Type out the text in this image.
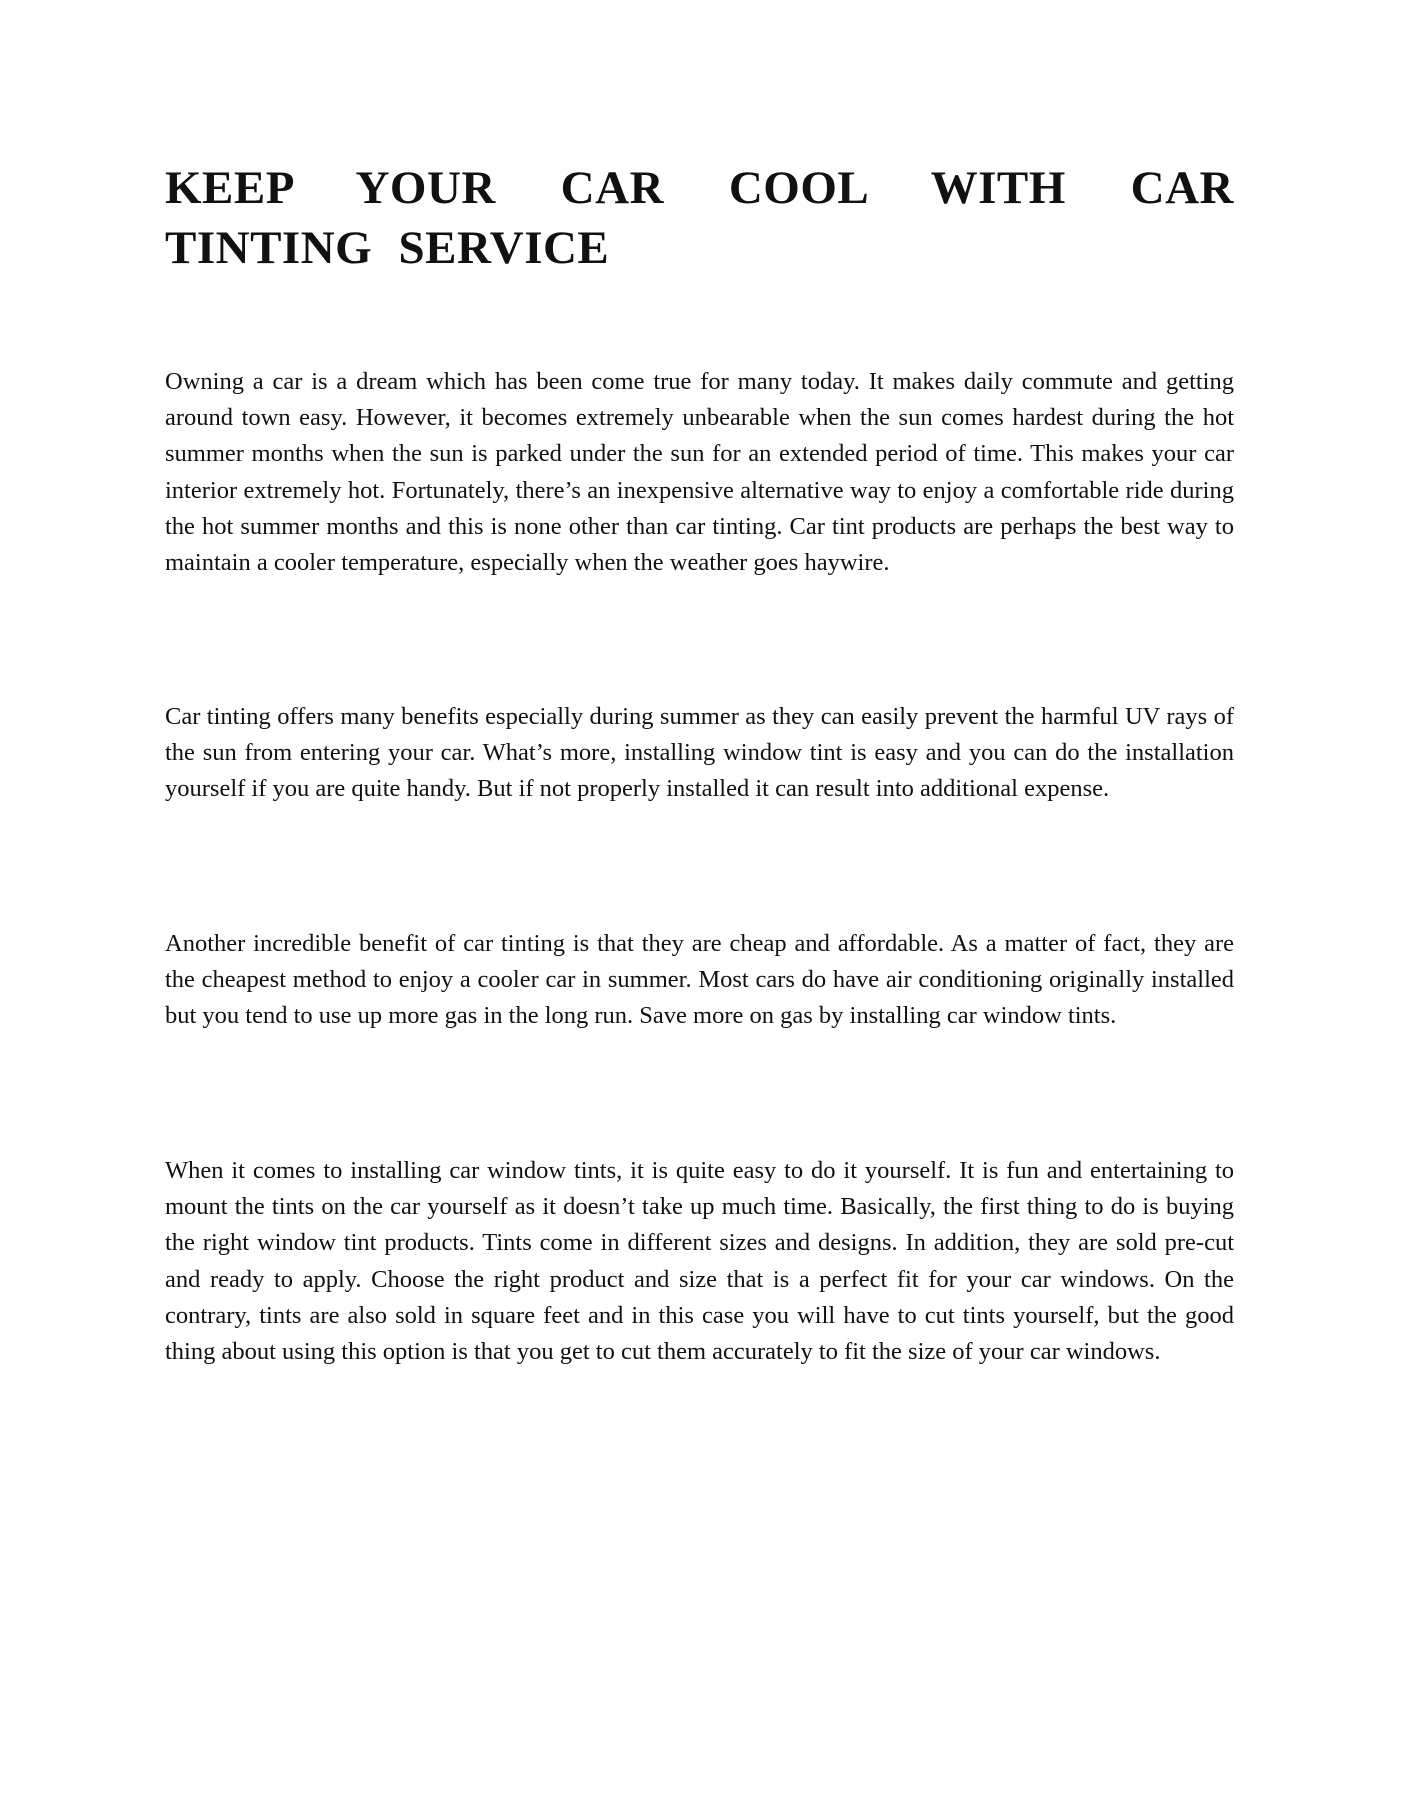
KEEP YOUR CAR COOL WITH CAR TINTING SERVICE

Owning a car is a dream which has been come true for many today. It makes daily commute and getting around town easy. However, it becomes extremely unbearable when the sun comes hardest during the hot summer months when the sun is parked under the sun for an extended period of time. This makes your car interior extremely hot. Fortunately, there’s an inexpensive alternative way to enjoy a comfortable ride during the hot summer months and this is none other than car tinting. Car tint products are perhaps the best way to maintain a cooler temperature, especially when the weather goes haywire.

Car tinting offers many benefits especially during summer as they can easily prevent the harmful UV rays of the sun from entering your car. What’s more, installing window tint is easy and you can do the installation yourself if you are quite handy. But if not properly installed it can result into additional expense.

Another incredible benefit of car tinting is that they are cheap and affordable. As a matter of fact, they are the cheapest method to enjoy a cooler car in summer. Most cars do have air conditioning originally installed but you tend to use up more gas in the long run. Save more on gas by installing car window tints.

When it comes to installing car window tints, it is quite easy to do it yourself. It is fun and entertaining to mount the tints on the car yourself as it doesn’t take up much time. Basically, the first thing to do is buying the right window tint products. Tints come in different sizes and designs. In addition, they are sold pre-cut and ready to apply. Choose the right product and size that is a perfect fit for your car windows. On the contrary, tints are also sold in square feet and in this case you will have to cut tints yourself, but the good thing about using this option is that you get to cut them accurately to fit the size of your car windows.
